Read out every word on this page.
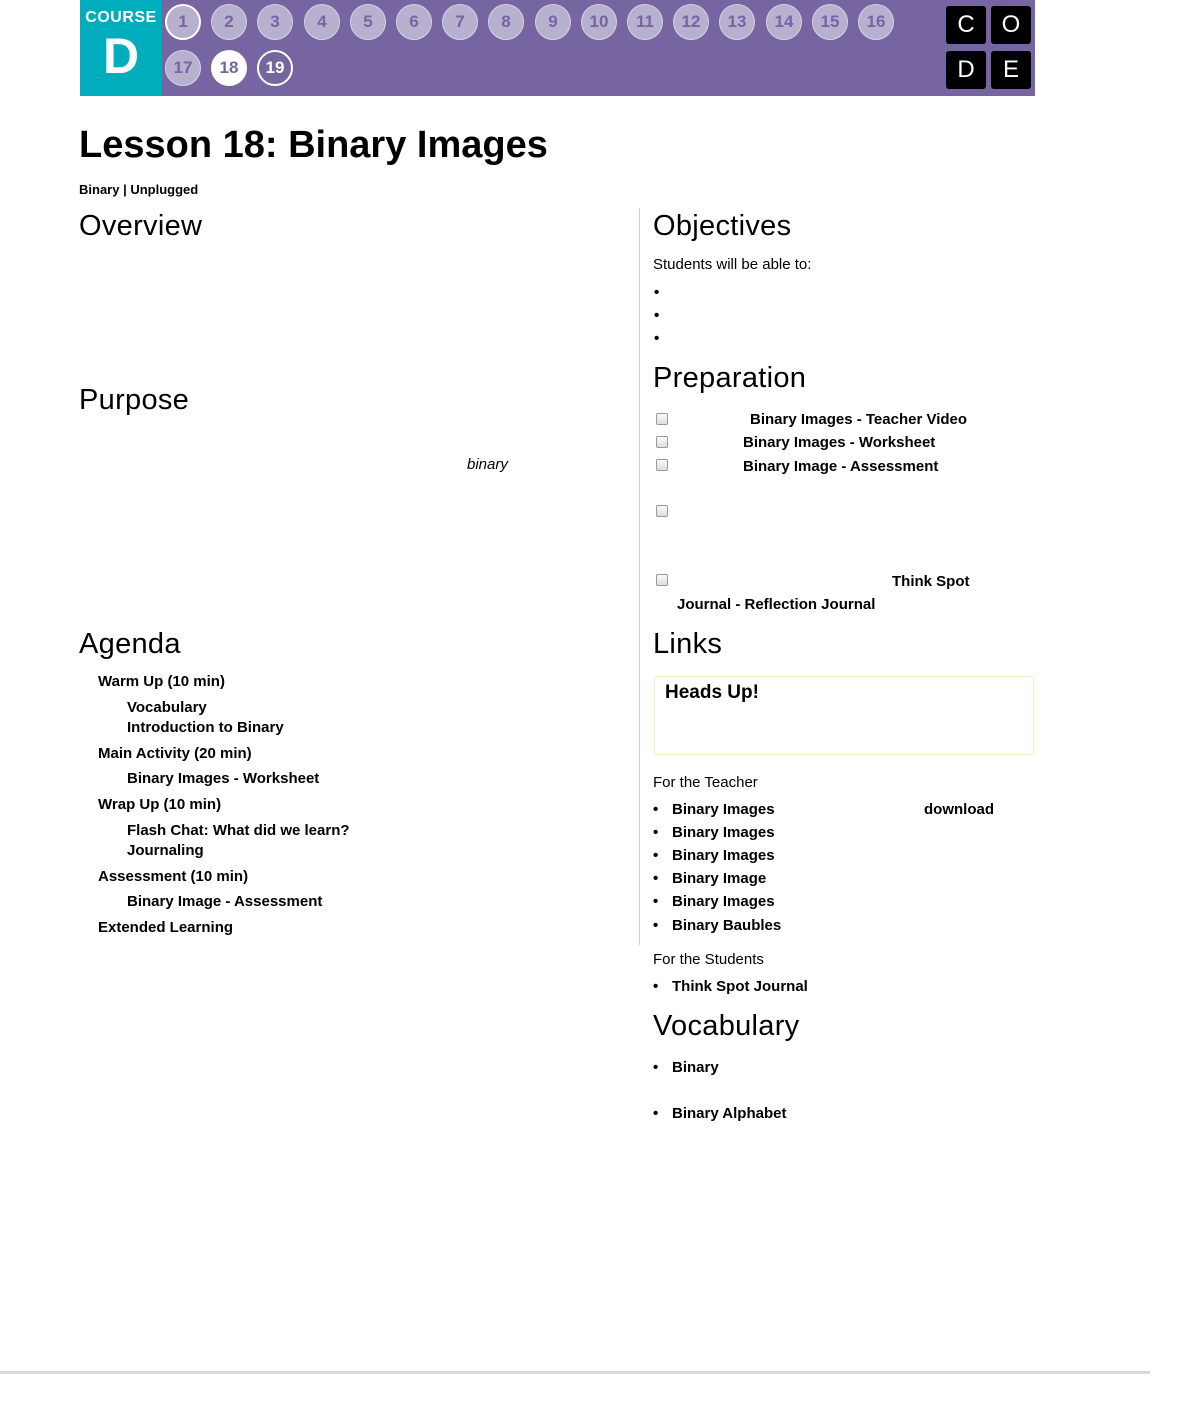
COURSE
D
1	2	3	4	5	6	7	8	9	10	11	12	13	14	15	16
17	18	19
C	O
D	E
Lesson 18: Binary Images
Binary | Unplugged
Overview
Purpose
binary
Agenda
Warm Up (10 min)
Vocabulary
Introduction to Binary
Main Activity (20 min)
Binary Images - Worksheet
Wrap Up (10 min)
Flash Chat: What did we learn?
Journaling
Assessment (10 min)
Binary Image - Assessment
Extended Learning
Objectives
Students will be able to:
•
•
•
Preparation
Binary Images - Teacher Video
Binary Images - Worksheet
Binary Image - Assessment
Think Spot
Journal - Reflection Journal
Links
Heads Up!
For the Teacher
• Binary Images
• Binary Images
• Binary Images
• Binary Image
• Binary Images
• Binary Baubles
download
For the Students
• Think Spot Journal
Vocabulary
• Binary
• Binary Alphabet
